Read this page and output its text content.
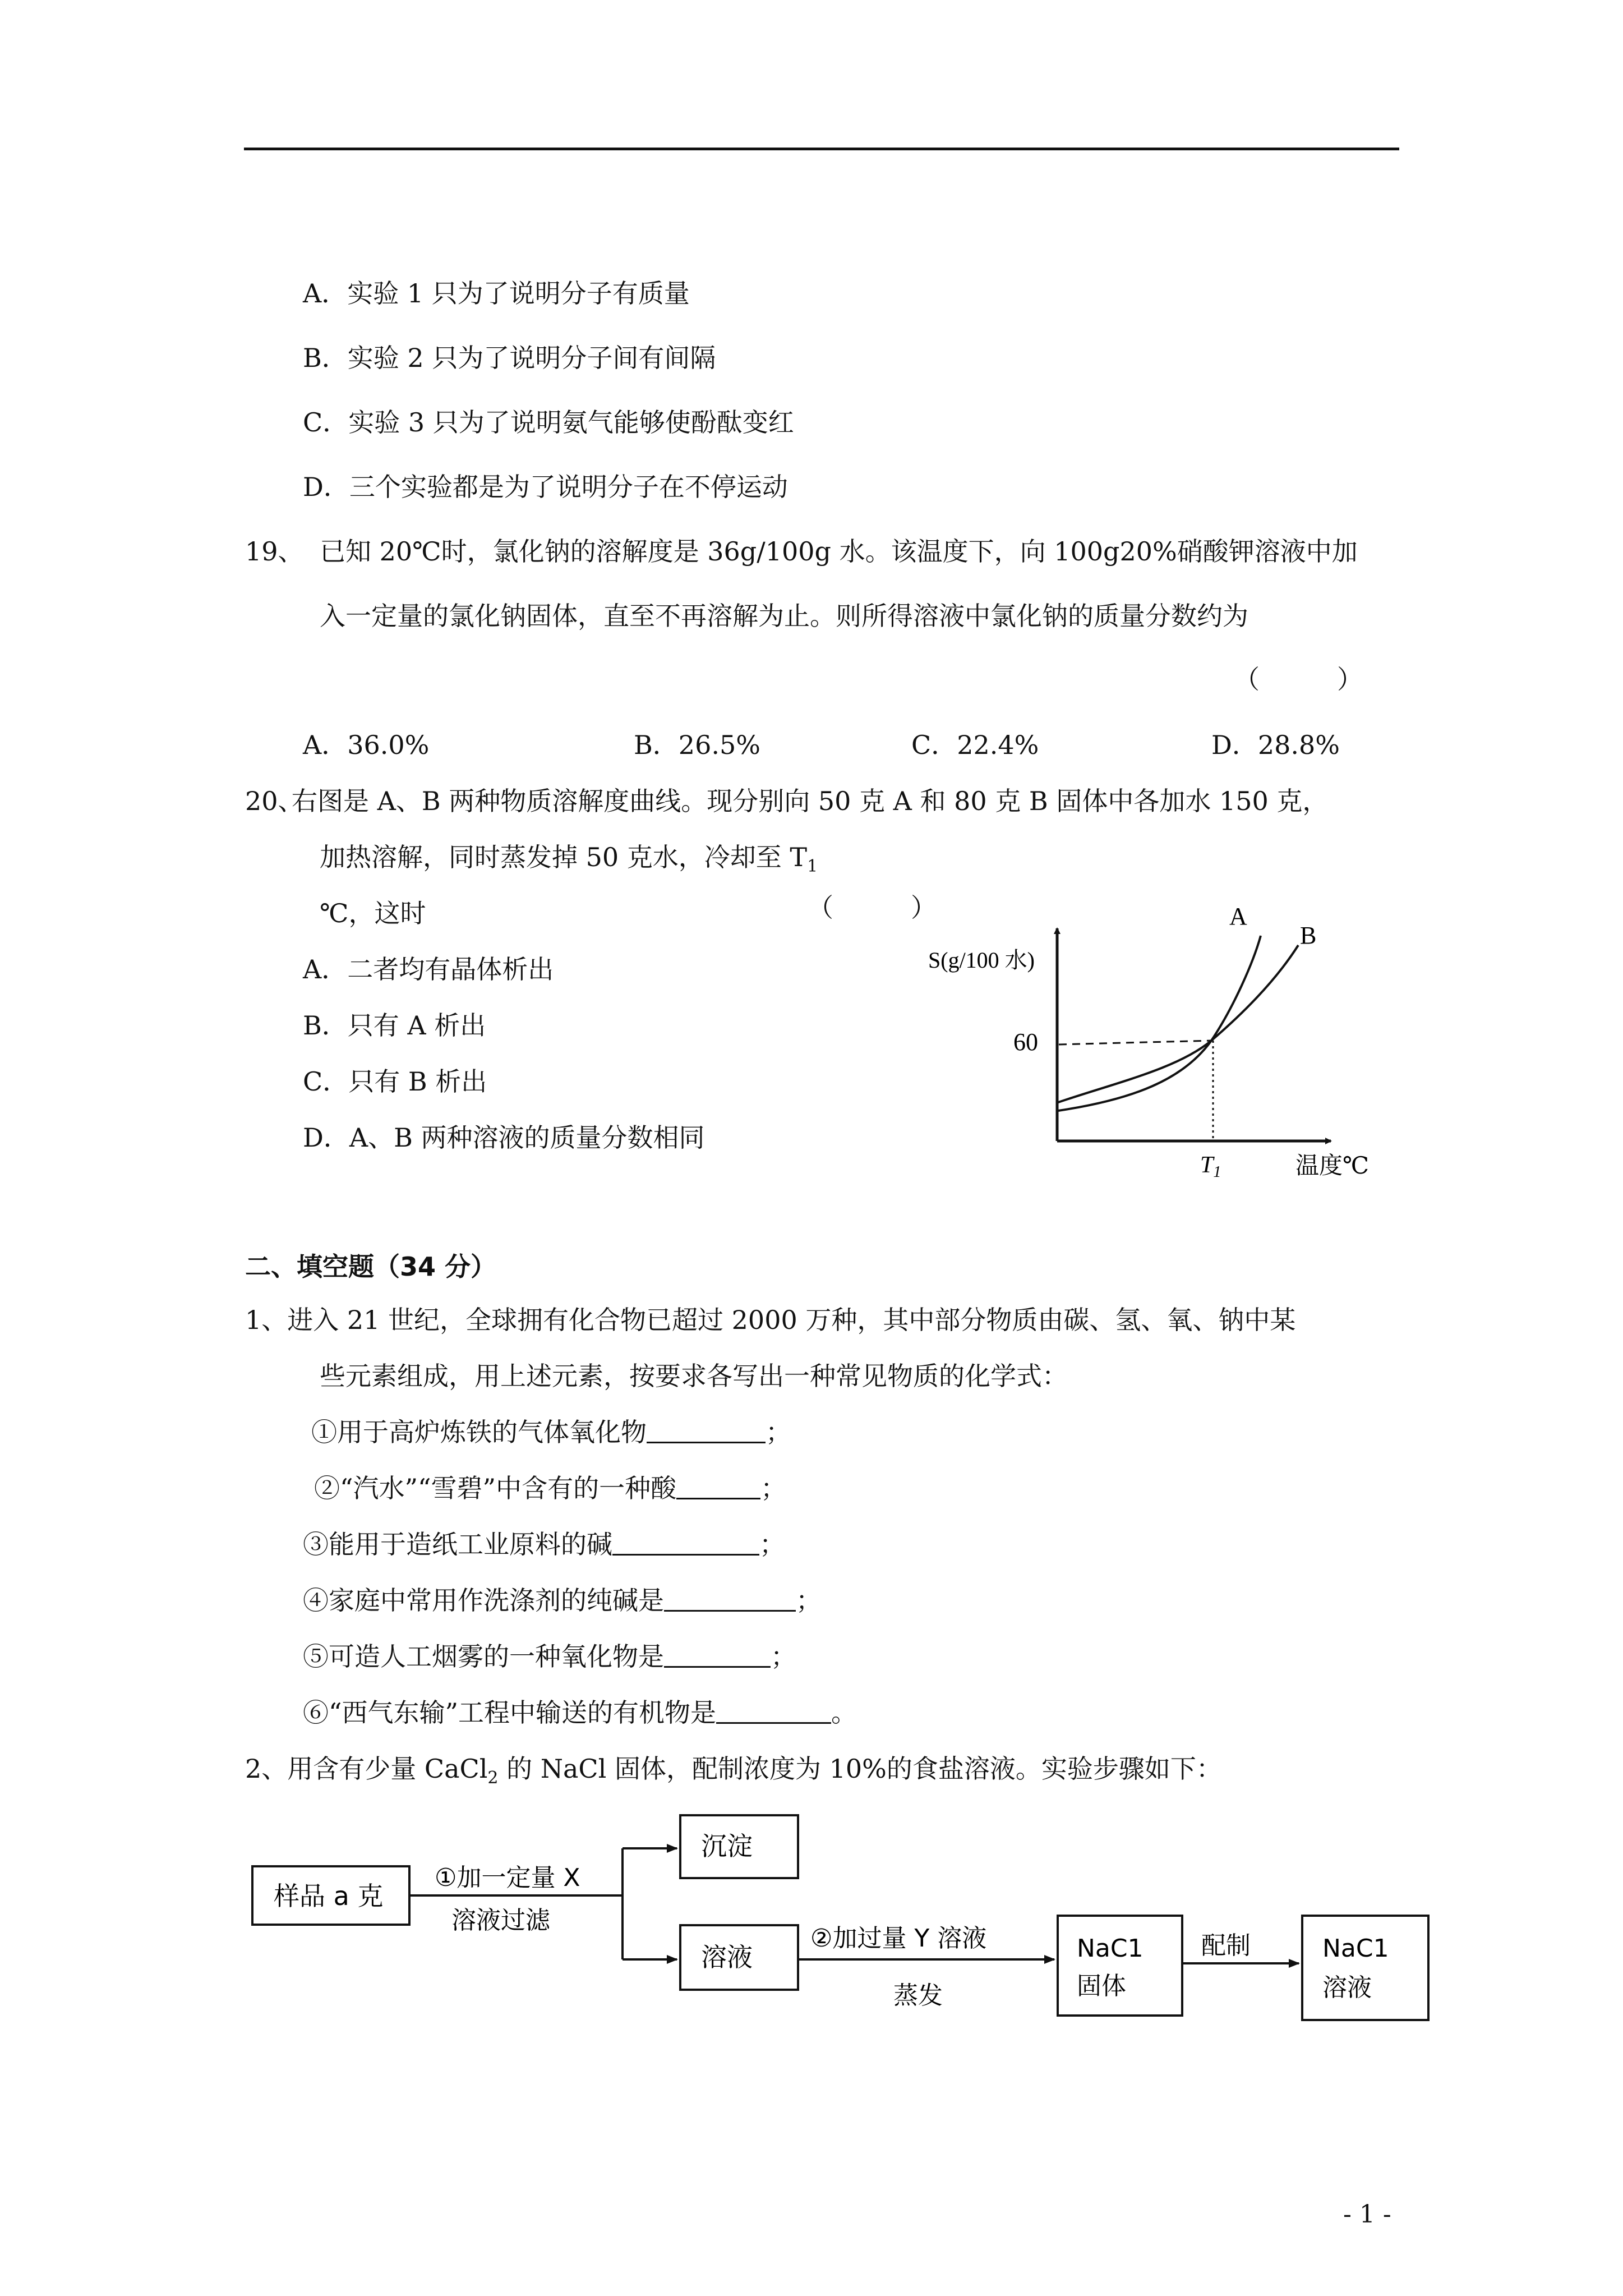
A．实验 1 只为了说明分子有质量
B．实验 2 只为了说明分子间有间隔
C．实验 3 只为了说明氨气能够使酚酞变红
D．三个实验都是为了说明分子在不停运动
19、 已知 20℃时，氯化钠的溶解度是 36g/100g 水。该温度下，向 100g20%硝酸钾溶液中加
入一定量的氯化钠固体，直至不再溶解为止。则所得溶液中氯化钠的质量分数约为
（　　　）
A．36.0%	B．26.5%	C．22.4%	D．28.8%
20、
右图是 A、B 两种物质溶解度曲线。现分别向 50 克 A 和 80 克 B 固体中各加水 150 克，
加热溶解，同时蒸发掉 50 克水，冷却至 $T_1$
℃，这时	（　　　）
A．二者均有晶体析出
B．只有 A 析出
C．只有 B 析出
D．A、B 两种溶液的质量分数相同
S(g/100 水)
60
T1	温度℃
A
B
样品 a 克
①加一定量 X
溶液过滤
沉淀
溶液
②加过量 Y 溶液
蒸发
NaC1
固体
配制	NaC1
溶液
二、填空题（34 分）
1、进入 21 世纪，全球拥有化合物已超过 2000 万种，其中部分物质由碳、氢、氧、钠中某
些元素组成，用上述元素，按要求各写出一种常见物质的化学式：
①用于高炉炼铁的气体氧化物	；
②“汽水”“雪碧”中含有的一种酸	；
③能用于造纸工业原料的碱	；
④家庭中常用作洗涤剂的纯碱是	；
⑤可造人工烟雾的一种氧化物是	；
⑥“西气东输”工程中输送的有机物是	。
2、用含有少量 CaCl$_2$ 的 NaCl 固体，配制浓度为 10%的食盐溶液。实验步骤如下：
- 1 -
